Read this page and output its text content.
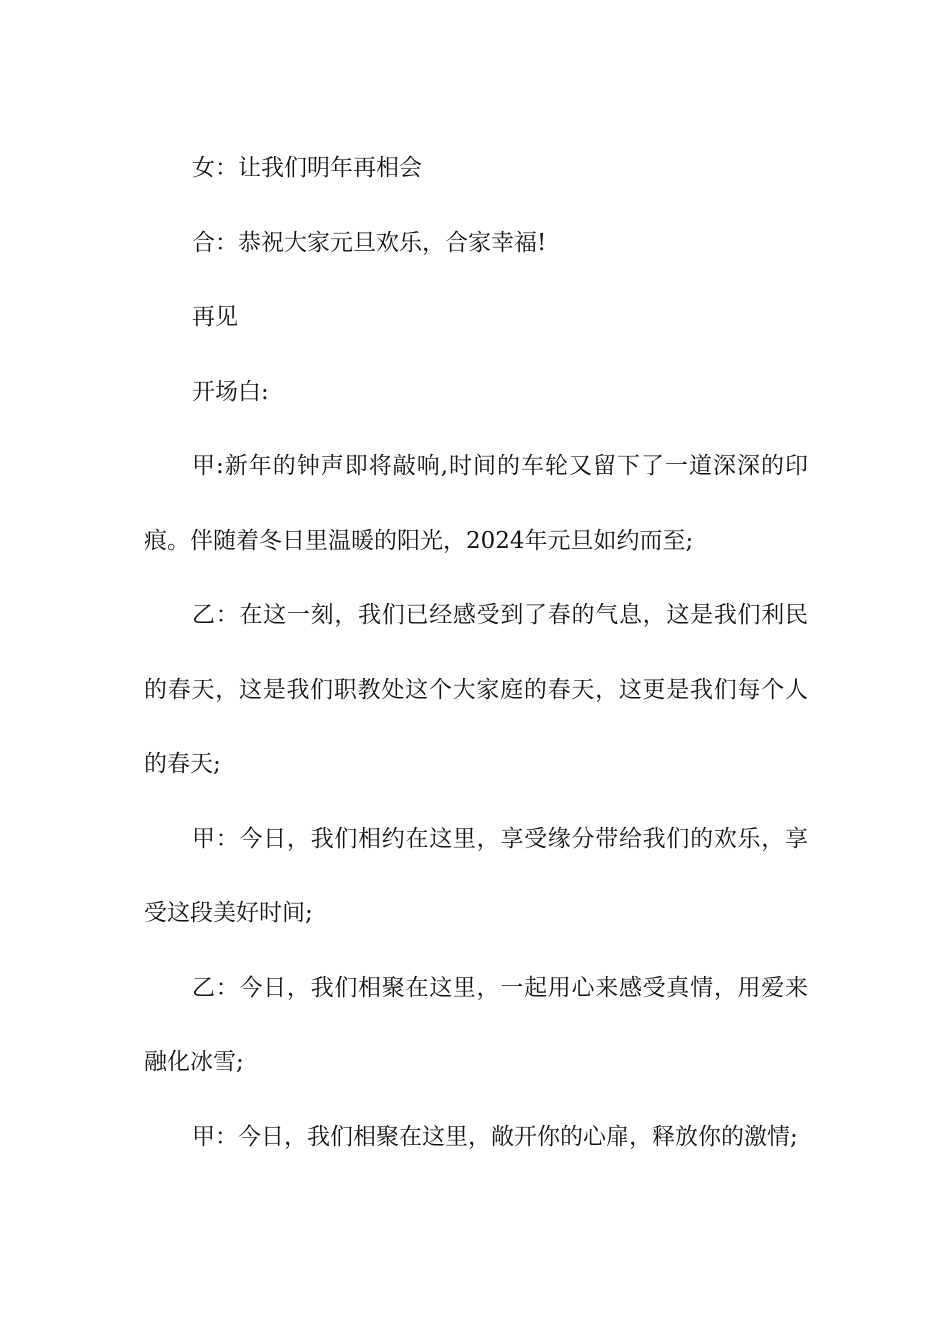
女：让我们明年再相会

合：恭祝大家元旦欢乐，合家幸福!

再见

开场白:

甲:新年的钟声即将敲响,时间的车轮又留下了一道深深的印痕。伴随着冬日里温暖的阳光，2024年元旦如约而至;

乙：在这一刻，我们已经感受到了春的气息，这是我们利民的春天，这是我们职教处这个大家庭的春天，这更是我们每个人的春天;

甲：今日，我们相约在这里，享受缘分带给我们的欢乐，享受这段美好时间;

乙：今日，我们相聚在这里，一起用心来感受真情，用爱来融化冰雪;

甲：今日，我们相聚在这里，敞开你的心扉，释放你的激情;
